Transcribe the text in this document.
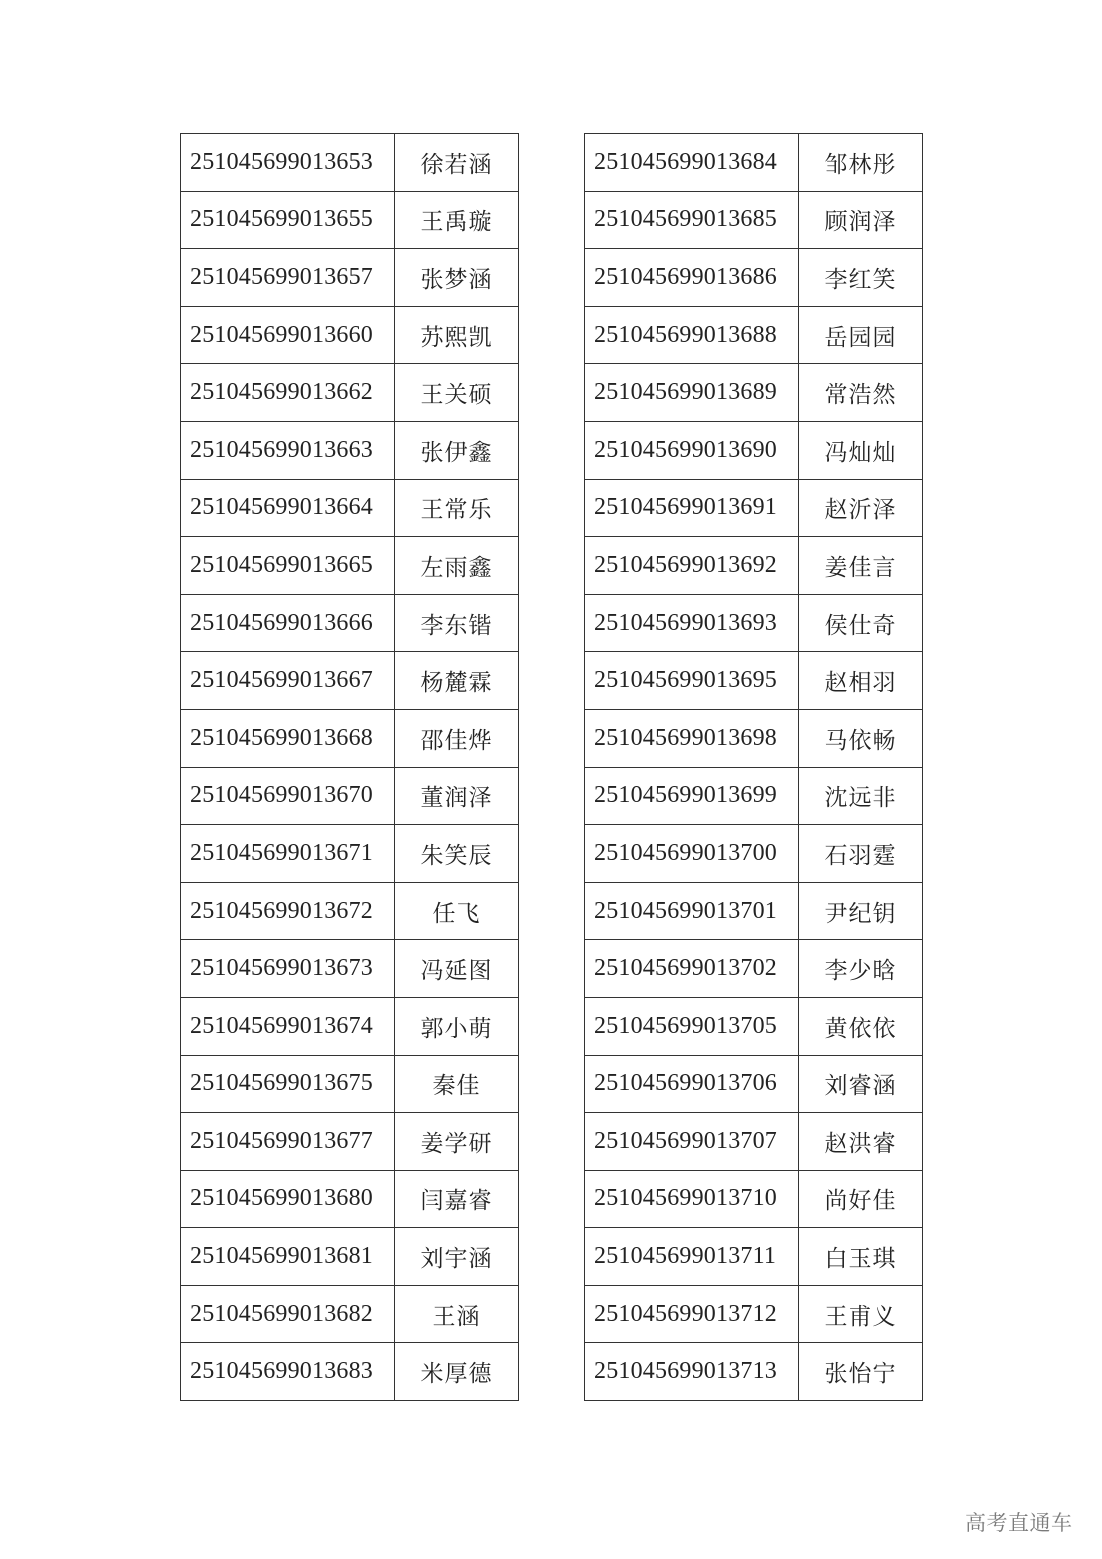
251045699013653	徐若涵
251045699013655	王禹璇
251045699013657	张梦涵
251045699013660	苏熙凯
251045699013662	王关硕
251045699013663	张伊鑫
251045699013664	王常乐
251045699013665	左雨鑫
251045699013666	李东锴
251045699013667	杨麓霖
251045699013668	邵佳烨
251045699013670	董润泽
251045699013671	朱笑辰
251045699013672	任飞
251045699013673	冯延图
251045699013674	郭小萌
251045699013675	秦佳
251045699013677	姜学研
251045699013680	闫嘉睿
251045699013681	刘宇涵
251045699013682	王涵
251045699013683	米厚德
251045699013684	邹林彤
251045699013685	顾润泽
251045699013686	李红笑
251045699013688	岳园园
251045699013689	常浩然
251045699013690	冯灿灿
251045699013691	赵沂泽
251045699013692	姜佳言
251045699013693	侯仕奇
251045699013695	赵相羽
251045699013698	马依畅
251045699013699	沈远非
251045699013700	石羽霆
251045699013701	尹纪钥
251045699013702	李少晗
251045699013705	黄依依
251045699013706	刘睿涵
251045699013707	赵洪睿
251045699013710	尚好佳
251045699013711	白玉琪
251045699013712	王甫义
251045699013713	张怡宁
高考直通车
